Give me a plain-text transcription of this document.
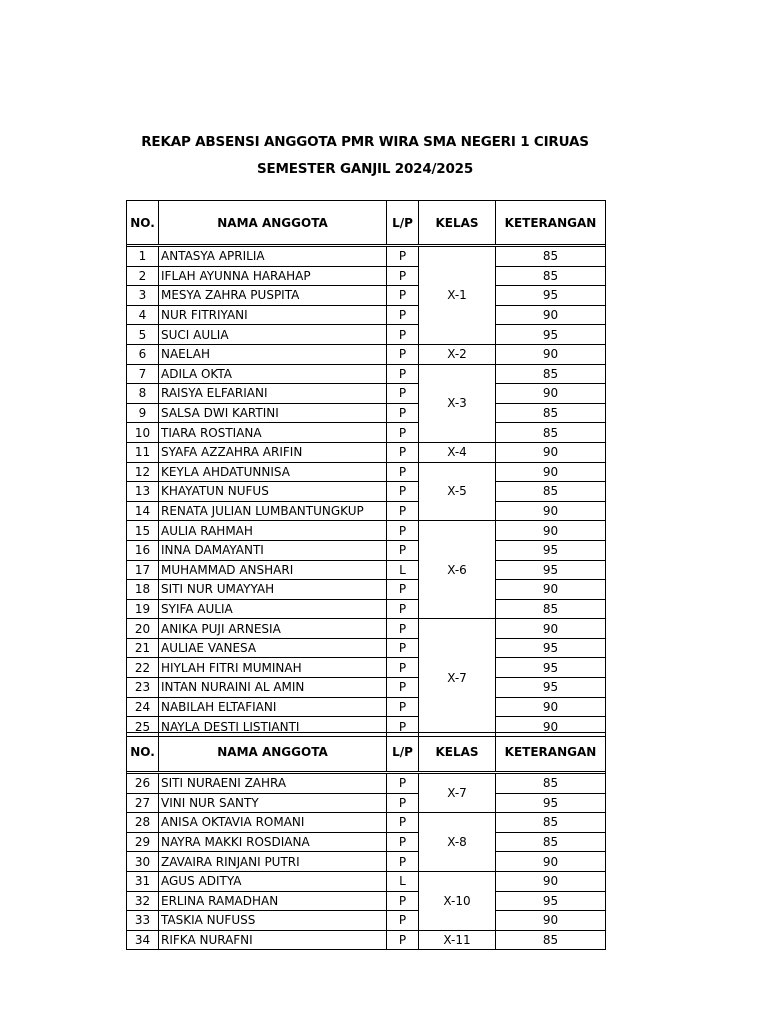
REKAP ABSENSI ANGGOTA PMR WIRA SMA NEGERI 1 CIRUAS
SEMESTER GANJIL 2024/2025
NO.	NAMA ANGGOTA	L/P	KELAS	KETERANGAN

1	ANTASYA APRILIA	P	X-1	85
2	IFLAH AYUNNA HARAHAP	P		85
3	MESYA ZAHRA PUSPITA	P		95
4	NUR FITRIYANI	P		90
5	SUCI AULIA	P		95
6	NAELAH	P	X-2	90
7	ADILA OKTA	P	X-3	85
8	RAISYA ELFARIANI	P		90
9	SALSA DWI KARTINI	P		85
10	TIARA ROSTIANA	P		85
11	SYAFA AZZAHRA ARIFIN	P	X-4	90
12	KEYLA AHDATUNNISA	P	X-5	90
13	KHAYATUN NUFUS	P		85
14	RENATA JULIAN LUMBANTUNGKUP	P		90
15	AULIA RAHMAH	P	X-6	90
16	INNA DAMAYANTI	P		95
17	MUHAMMAD ANSHARI	L		95
18	SITI NUR UMAYYAH	P		90
19	SYIFA AULIA	P		85
20	ANIKA PUJI ARNESIA	P	X-7	90
21	AULIAE VANESA	P		95
22	HIYLAH FITRI MUMINAH	P		95
23	INTAN NURAINI AL AMIN	P		95
24	NABILAH ELTAFIANI	P		90
25	NAYLA DESTI LISTIANTI	P		90
NO.	NAMA ANGGOTA	L/P	KELAS	KETERANGAN

26	SITI NURAENI ZAHRA	P	X-7	85
27	VINI NUR SANTY	P		95
28	ANISA OKTAVIA ROMANI	P	X-8	85
29	NAYRA MAKKI ROSDIANA	P		85
30	ZAVAIRA RINJANI PUTRI	P		90
31	AGUS ADITYA	L	X-10	90
32	ERLINA RAMADHAN	P		95
33	TASKIA NUFUSS	P		90
34	RIFKA NURAFNI	P	X-11	85
